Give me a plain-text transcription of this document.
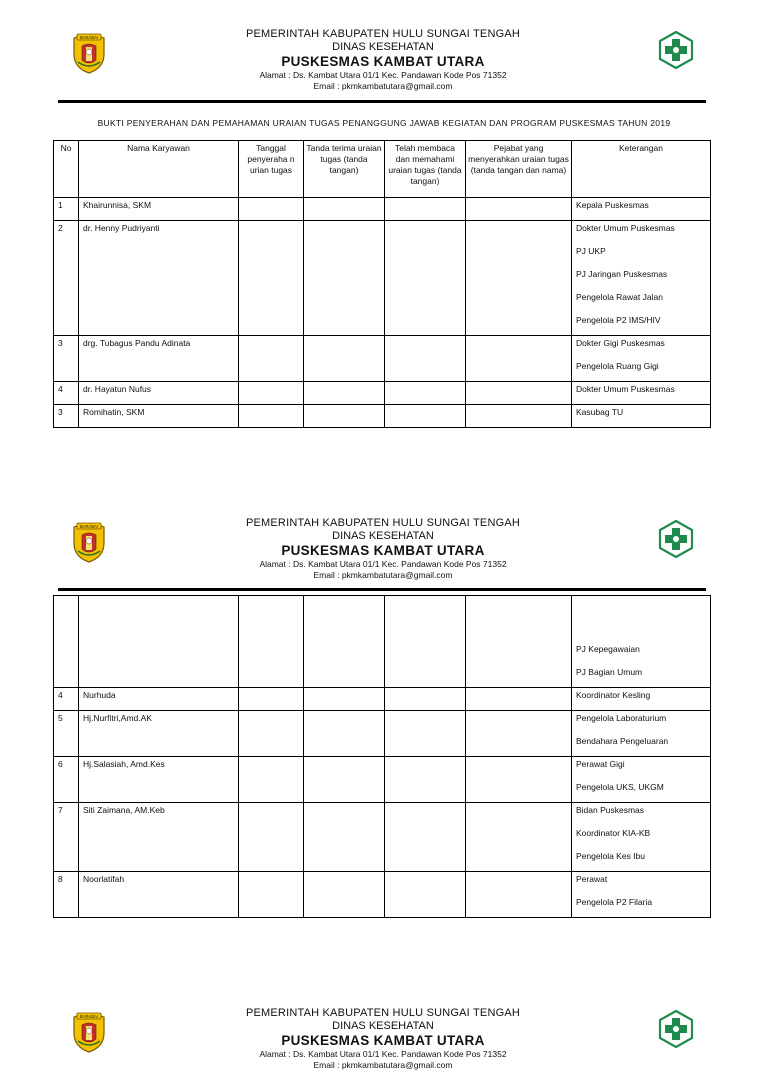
BARABAI	PEMERINTAH KABUPATEN HULU SUNGAI TENGAH
DINAS KESEHATAN
PUSKESMAS KAMBAT UTARA
Alamat : Ds. Kambat Utara 01/1 Kec. Pandawan Kode Pos 71352
Email : pkmkambatutara@gmail.com
BUKTI PENYERAHAN DAN PEMAHAMAN URAIAN TUGAS PENANGGUNG JAWAB KEGIATAN DAN PROGRAM PUSKESMAS TAHUN 2019
No	Nama Karyawan	Tanggal penyeraha n urian tugas	Tanda terima uraian tugas (tanda tangan)	Telah membaca dan memahami uraian tugas (tanda tangan)	Pejabat yang menyerahkan uraian tugas (tanda tangan dan nama)	Keterangan
1	Khairunnisa, SKM					Kepala Puskesmas

2	dr. Henny Pudriyanti					Dokter Umum Puskesmas
PJ UKP
PJ Jaringan Puskesmas
Pengelola Rawat Jalan
Pengelola P2 IMS/HIV

3	drg. Tubagus Pandu Adinata					Dokter Gigi Puskesmas
Pengelola Ruang Gigi

4	dr. Hayatun Nufus					Dokter Umum Puskesmas

3	Romihatin, SKM					Kasubag TU
BARABAI	PEMERINTAH KABUPATEN HULU SUNGAI TENGAH
DINAS KESEHATAN
PUSKESMAS KAMBAT UTARA
Alamat : Ds. Kambat Utara 01/1 Kec. Pandawan Kode Pos 71352
Email : pkmkambatutara@gmail.com

						PJ Kepegawaian
PJ Bagian Umum

4	Nurhuda					Koordinator Kesling

5	Hj.Nurfitri,Amd.AK					Pengelola Laboraturium
Bendahara Pengeluaran

6	Hj.Salasiah, Amd.Kes					Perawat Gigi
Pengelola UKS, UKGM

7	Siti Zaimana, AM.Keb					Bidan Puskesmas
Koordinator KIA-KB
Pengelola Kes Ibu

8	Noorlatifah					Perawat
Pengelola P2 Filaria
BARABAI	PEMERINTAH KABUPATEN HULU SUNGAI TENGAH
DINAS KESEHATAN
PUSKESMAS KAMBAT UTARA
Alamat : Ds. Kambat Utara 01/1 Kec. Pandawan Kode Pos 71352
Email : pkmkambatutara@gmail.com
